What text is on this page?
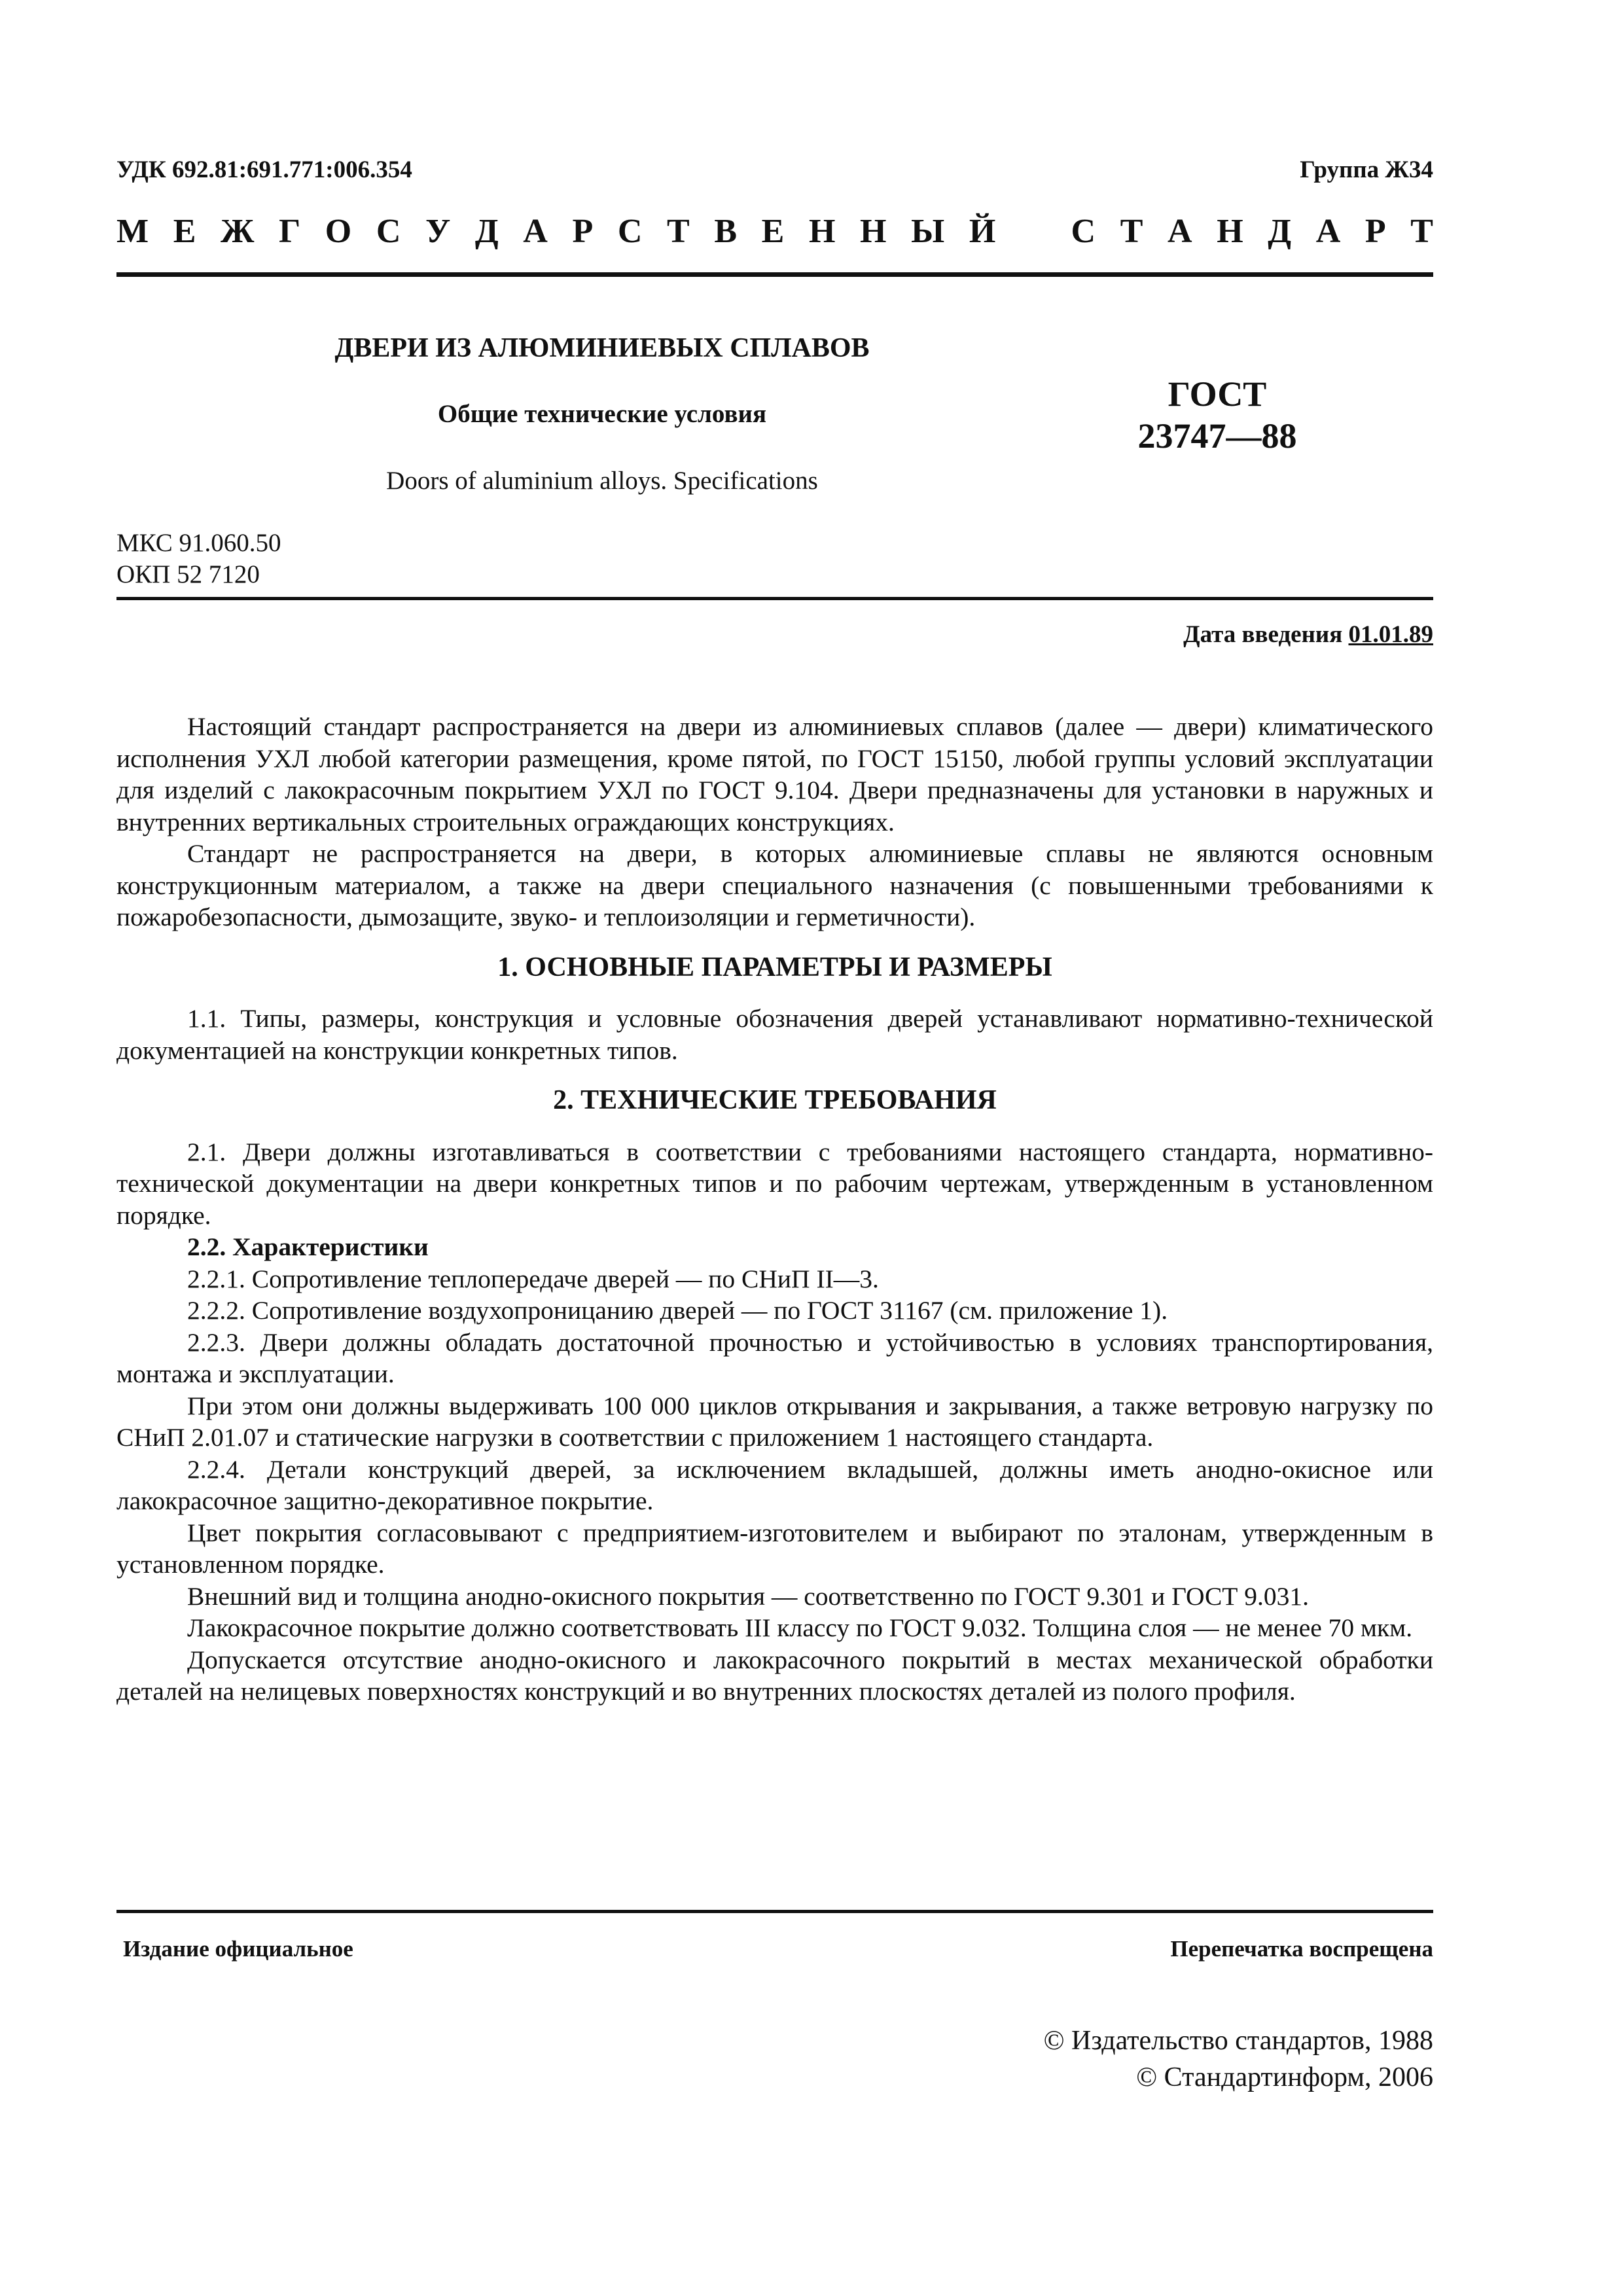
УДК 692.81:691.771:006.354	Группа Ж34
М Е Ж Г О С У Д А Р С Т В Е Н Н Ы Й С Т А Н Д А Р Т
ДВЕРИ ИЗ АЛЮМИНИЕВЫХ СПЛАВОВ
Общие технические условия
Doors of aluminium alloys. Specifications
ГОСТ
23747—88
МКС 91.060.50
ОКП 52 7120
Дата введения 01.01.89

Настоящий стандарт распространяется на двери из алюминиевых сплавов (далее — двери) климатического исполнения УХЛ любой категории размещения, кроме пятой, по ГОСТ 15150, любой группы условий эксплуатации для изделий с лакокрасочным покрытием УХЛ по ГОСТ 9.104. Двери предназначены для установки в наружных и внутренних вертикальных строительных ограждающих конструкциях.

Стандарт не распространяется на двери, в которых алюминиевые сплавы не являются основным конструкционным материалом, а также на двери специального назначения (с повышенными требованиями к пожаробезопасности, дымозащите, звуко- и теплоизоляции и герметичности).

1. ОСНОВНЫЕ ПАРАМЕТРЫ И РАЗМЕРЫ

1.1. Типы, размеры, конструкция и условные обозначения дверей устанавливают нормативно-технической документацией на конструкции конкретных типов.

2. ТЕХНИЧЕСКИЕ ТРЕБОВАНИЯ

2.1. Двери должны изготавливаться в соответствии с требованиями настоящего стандарта, нормативно-технической документации на двери конкретных типов и по рабочим чертежам, утвержденным в установленном порядке.

2.2. Характеристики

2.2.1. Сопротивление теплопередаче дверей — по СНиП II—3.

2.2.2. Сопротивление воздухопроницанию дверей — по ГОСТ 31167 (см. приложение 1).

2.2.3. Двери должны обладать достаточной прочностью и устойчивостью в условиях транспортирования, монтажа и эксплуатации.

При этом они должны выдерживать 100 000 циклов открывания и закрывания, а также ветровую нагрузку по СНиП 2.01.07 и статические нагрузки в соответствии с приложением 1 настоящего стандарта.

2.2.4. Детали конструкций дверей, за исключением вкладышей, должны иметь анодно-окисное или лакокрасочное защитно-декоративное покрытие.

Цвет покрытия согласовывают с предприятием-изготовителем и выбирают по эталонам, утвержденным в установленном порядке.

Внешний вид и толщина анодно-окисного покрытия — соответственно по ГОСТ 9.301 и ГОСТ 9.031.

Лакокрасочное покрытие должно соответствовать III классу по ГОСТ 9.032. Толщина слоя — не менее 70 мкм.

Допускается отсутствие анодно-окисного и лакокрасочного покрытий в местах механической обработки деталей на нелицевых поверхностях конструкций и во внутренних плоскостях деталей из полого профиля.

Издание официальное	Перепечатка воспрещена
© Издательство стандартов, 1988
© Стандартинформ, 2006
